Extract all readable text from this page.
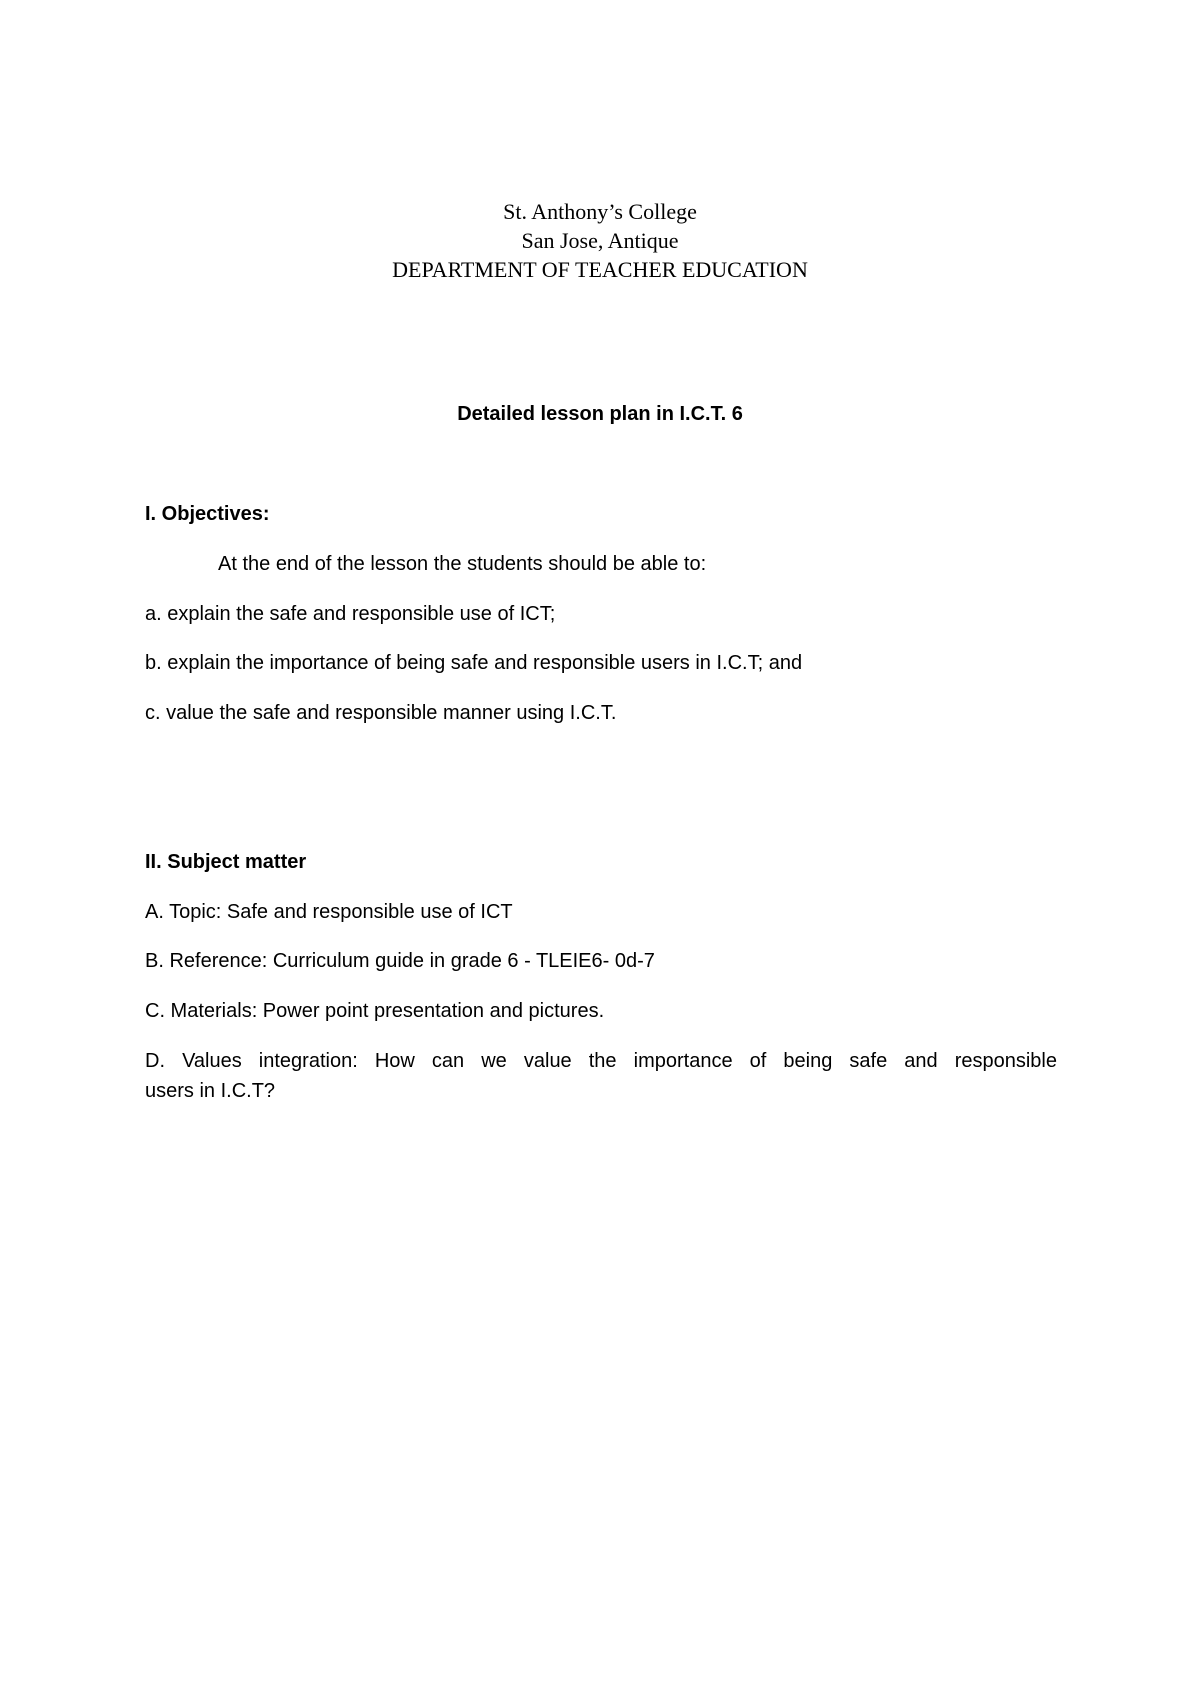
St. Anthony’s College
San Jose, Antique
DEPARTMENT OF TEACHER EDUCATION
Detailed lesson plan in I.C.T. 6
I. Objectives:
At the end of the lesson the students should be able to:
a. explain the safe and responsible use of ICT;
b. explain the importance of being safe and responsible users in I.C.T; and
c. value the safe and responsible manner using I.C.T.
II. Subject matter
A. Topic: Safe and responsible use of ICT
B. Reference: Curriculum guide in grade 6 - TLEIE6- 0d-7
C. Materials: Power point presentation and pictures.
D. Values integration: How can we value the importance of being safe and responsible
users in I.C.T?
